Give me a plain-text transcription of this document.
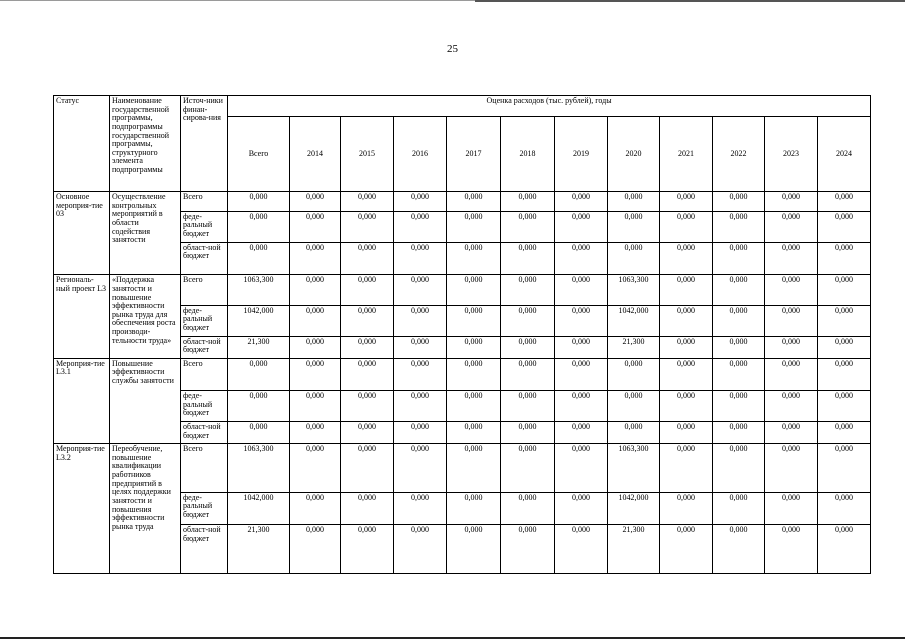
25
Статус	Наименование государственной программы, подпрограммы государственной программы, структурного элемента подпрограммы	Источ-ники финан-сирова-ния	Оценка расходов (тыс. рублей), годы											
			Всего	2014	2015	2016	2017	2018	2019	2020	2021	2022	2023	2024
Основное мероприя-тие 03	Осуществление контрольных мероприятий в области содействия занятости	Всего	0,000	0,000	0,000	0,000	0,000	0,000	0,000	0,000	0,000	0,000	0,000	0,000
		феде-ральный бюджет	0,000	0,000	0,000	0,000	0,000	0,000	0,000	0,000	0,000	0,000	0,000	0,000
		област-ной бюджет	0,000	0,000	0,000	0,000	0,000	0,000	0,000	0,000	0,000	0,000	0,000	0,000
Региональ-ный проект L3	«Поддержка занятости и повышение эффективности рынка труда для обеспечения роста производи-тельности труда»	Всего	1063,300	0,000	0,000	0,000	0,000	0,000	0,000	1063,300	0,000	0,000	0,000	0,000
		феде-ральный бюджет	1042,000	0,000	0,000	0,000	0,000	0,000	0,000	1042,000	0,000	0,000	0,000	0,000
		област-ной бюджет	21,300	0,000	0,000	0,000	0,000	0,000	0,000	21,300	0,000	0,000	0,000	0,000
Мероприя-тие L3.1	Повышение эффективности службы занятости	Всего	0,000	0,000	0,000	0,000	0,000	0,000	0,000	0,000	0,000	0,000	0,000	0,000
		феде-ральный бюджет	0,000	0,000	0,000	0,000	0,000	0,000	0,000	0,000	0,000	0,000	0,000	0,000
		област-ной бюджет	0,000	0,000	0,000	0,000	0,000	0,000	0,000	0,000	0,000	0,000	0,000	0,000
Мероприя-тие L3.2	Переобучение, повышение квалификации работников предприятий в целях поддержки занятости и повышения эффективности рынка труда	Всего	1063,300	0,000	0,000	0,000	0,000	0,000	0,000	1063,300	0,000	0,000	0,000	0,000
		феде-ральный бюджет	1042,000	0,000	0,000	0,000	0,000	0,000	0,000	1042,000	0,000	0,000	0,000	0,000
		област-ной бюджет	21,300	0,000	0,000	0,000	0,000	0,000	0,000	21,300	0,000	0,000	0,000	0,000
